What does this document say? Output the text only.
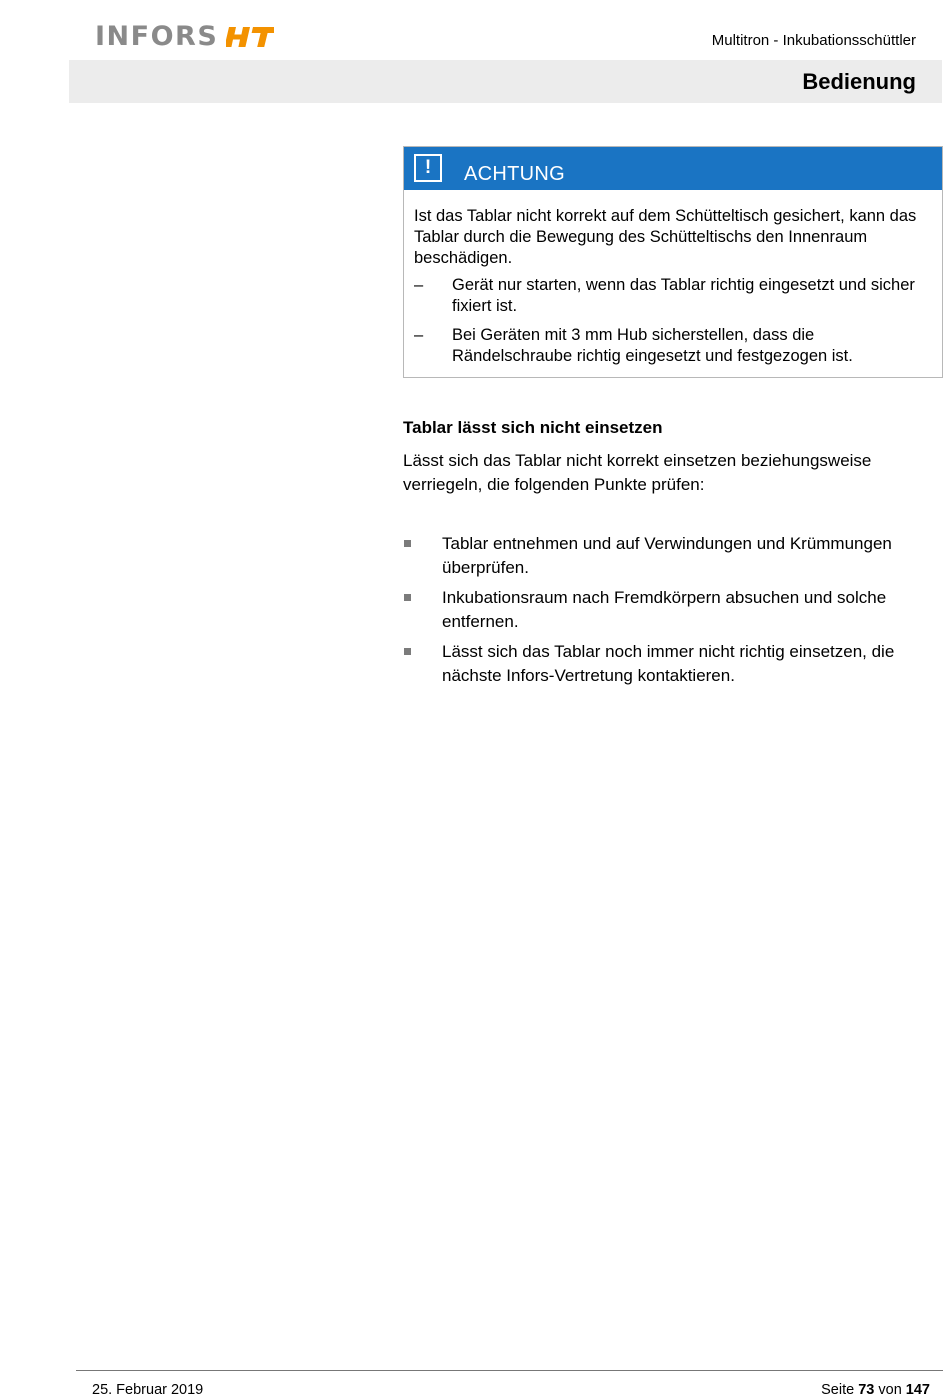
INFORS	Multitron - Inkubationsschüttler
Bedienung
!	ACHTUNG

Ist das Tablar nicht korrekt auf dem Schütteltisch gesichert, kann das Tablar durch die Bewegung des Schütteltischs den Innenraum beschädigen.

–	Gerät nur starten, wenn das Tablar richtig eingesetzt und sicher fixiert ist.
–	Bei Geräten mit 3 mm Hub sicherstellen, dass die Rändelschraube richtig eingesetzt und festgezogen ist.
Tablar lässt sich nicht einsetzen

Lässt sich das Tablar nicht korrekt einsetzen beziehungsweise verriegeln, die folgenden Punkte prüfen:

Tablar entnehmen und auf Verwindungen und Krümmungen überprüfen.
Inkubationsraum nach Fremdkörpern absuchen und solche entfernen.
Lässt sich das Tablar noch immer nicht richtig einsetzen, die nächste Infors-Vertretung kontaktieren.
25. Februar 2019	Seite 73 von 147
